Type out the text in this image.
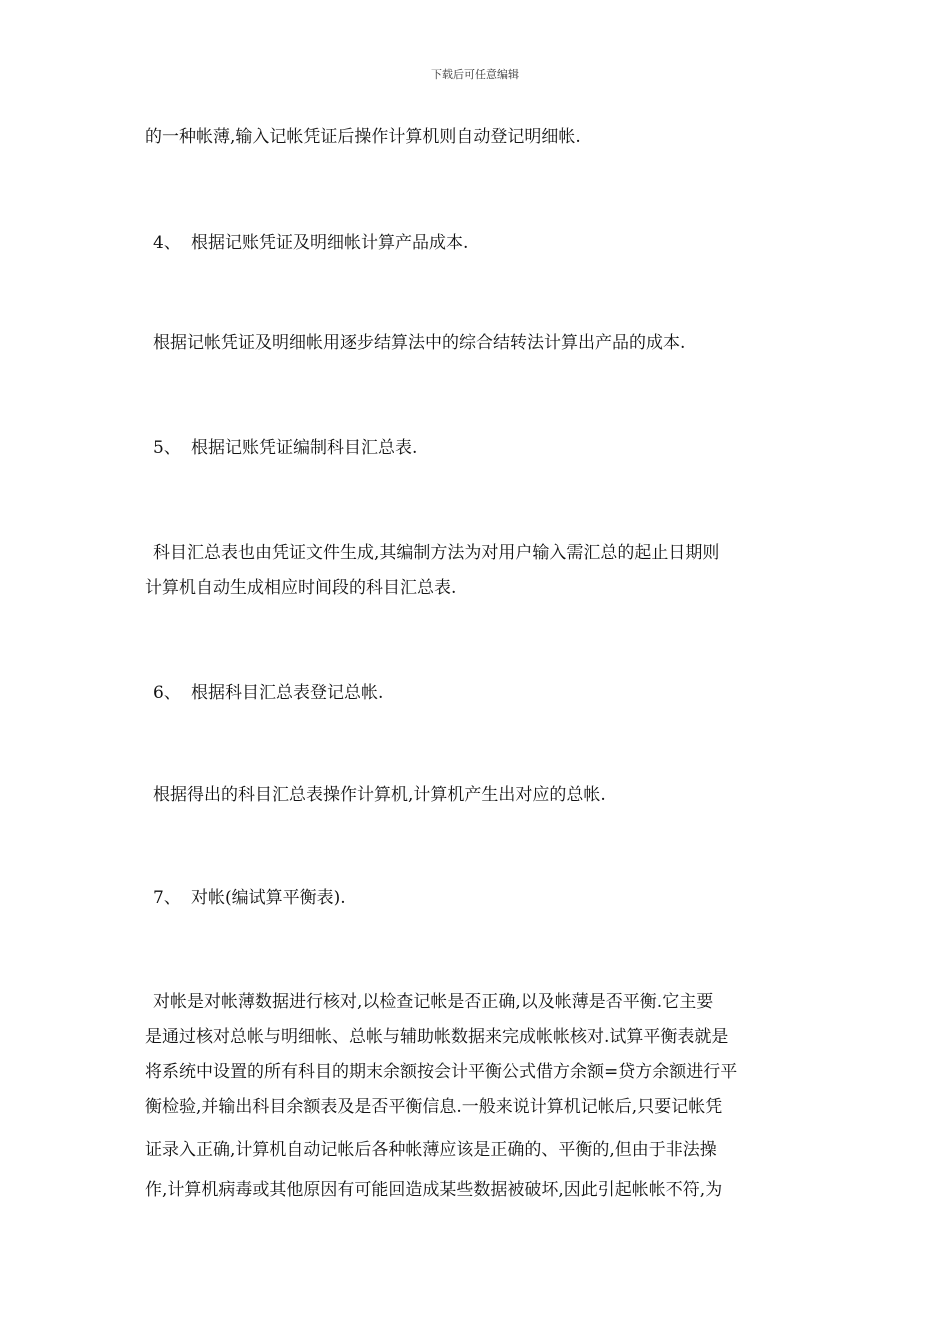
下载后可任意编辑
的一种帐薄,输入记帐凭证后操作计算机则自动登记明细帐.
4、 根据记账凭证及明细帐计算产品成本.
根据记帐凭证及明细帐用逐步结算法中的综合结转法计算出产品的成本.
5、 根据记账凭证编制科目汇总表.
科目汇总表也由凭证文件生成,其编制方法为对用户输入需汇总的起止日期则
计算机自动生成相应时间段的科目汇总表.
6、 根据科目汇总表登记总帐.
根据得出的科目汇总表操作计算机,计算机产生出对应的总帐.
7、 对帐(编试算平衡表).
对帐是对帐薄数据进行核对,以检查记帐是否正确,以及帐薄是否平衡.它主要
是通过核对总帐与明细帐、总帐与辅助帐数据来完成帐帐核对.试算平衡表就是
将系统中设置的所有科目的期末余额按会计平衡公式借方余额=贷方余额进行平
衡检验,并输出科目余额表及是否平衡信息.一般来说计算机记帐后,只要记帐凭
证录入正确,计算机自动记帐后各种帐薄应该是正确的、平衡的,但由于非法操
作,计算机病毒或其他原因有可能回造成某些数据被破坏,因此引起帐帐不符,为
